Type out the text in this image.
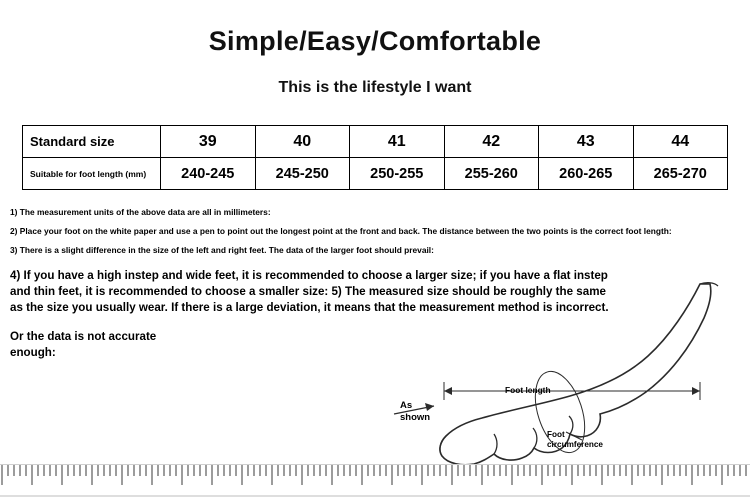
Simple/Easy/Comfortable
This is the lifestyle I want
Standard size	39	40	41	42	43	44
Suitable for foot length (mm)	240-245	245-250	250-255	255-260	260-265	265-270
1) The measurement units of the above data are all in millimeters:
2) Place your foot on the white paper and use a pen to point out the longest point at the front and back. The distance between the two points is the correct foot length:
3) There is a slight difference in the size of the left and right feet. The data of the larger foot should prevail:
4) If you have a high instep and wide feet, it is recommended to choose a larger size; if you have a flat instep and thin feet, it is recommended to choose a smaller size: 5) The measured size should be roughly the same as the size you usually wear. If there is a large deviation, it means that the measurement method is incorrect.
Or the data is not accurate enough:
As shown
Foot length
Foot circumference
